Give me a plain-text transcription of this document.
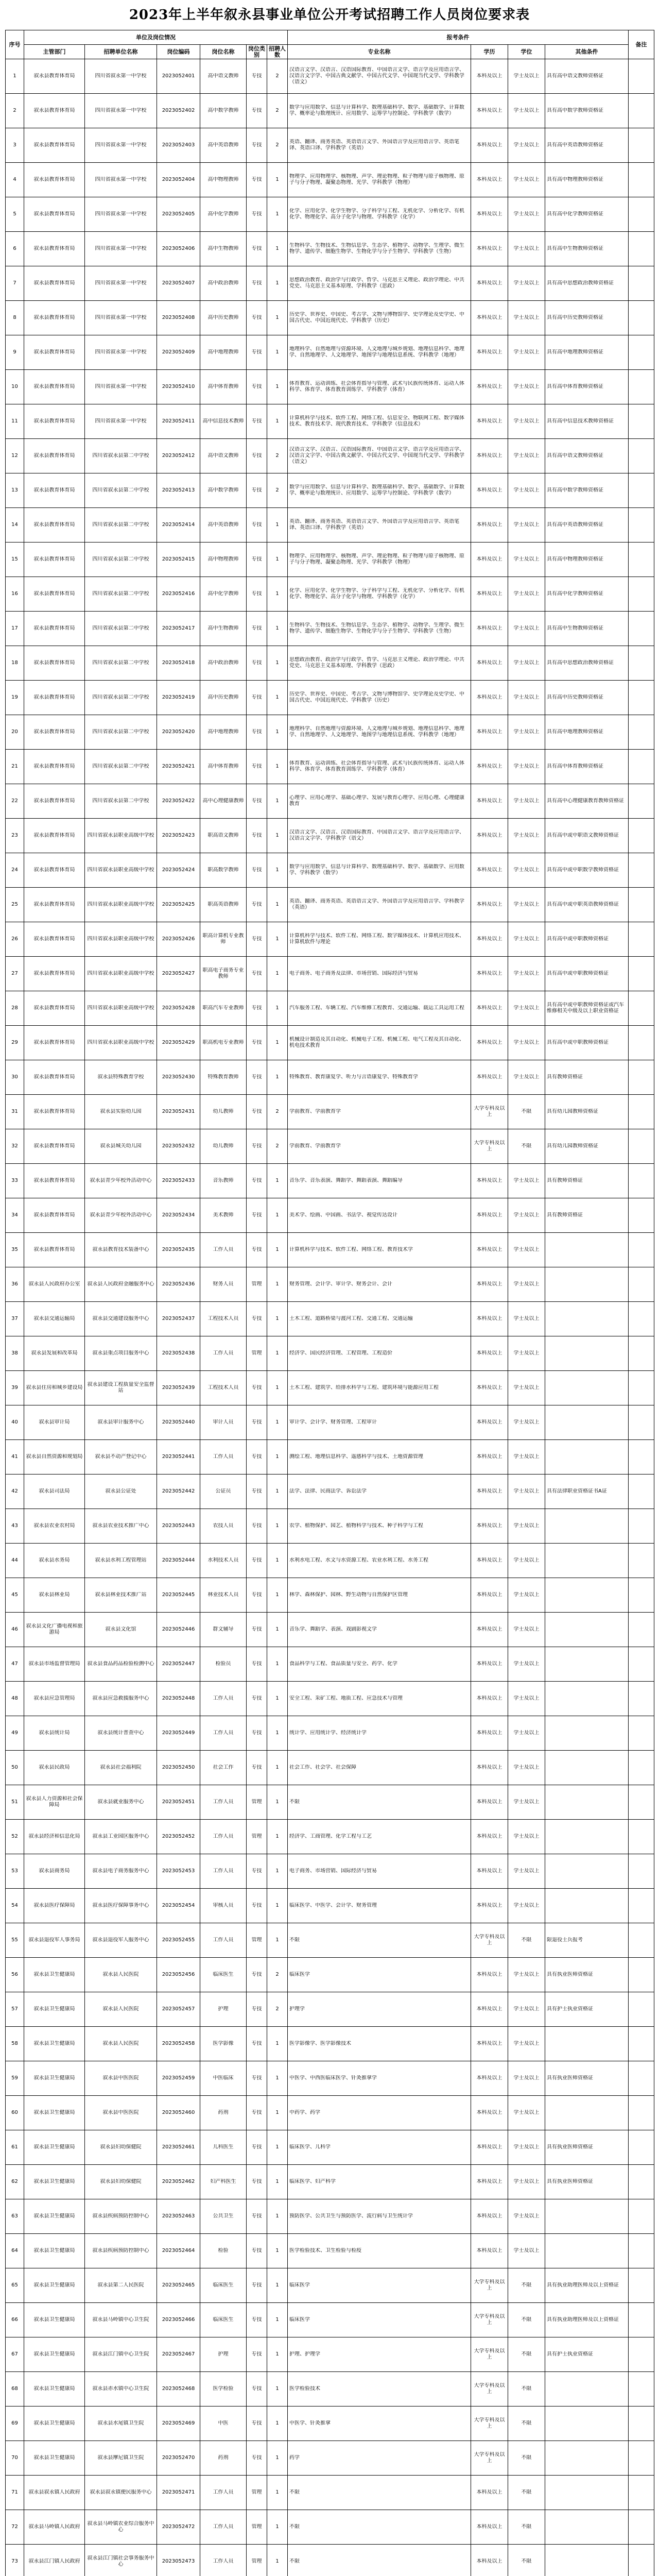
2023年上半年叙永县事业单位公开考试招聘工作人员岗位要求表
序号	单位及岗位情况						报考条件				备注
	主管部门	招聘单位名称	岗位编码	岗位名称	岗位类别	招聘人数	专业名称	学历	学位	其他条件	

1	叙永县教育体育局	四川省叙永第一中学校	2023052401	高中语文教师	专技	2	汉语言文学、汉语言、汉语国际教育、中国语言文学、语言学及应用语言学、汉语言文字学、中国古典文献学、中国古代文学、中国现当代文学、学科教学（语文）	本科及以上	学士及以上	具有高中语文教师资格证	

2	叙永县教育体育局	四川省叙永第一中学校	2023052402	高中数学教师	专技	2	数学与应用数学、信息与计算科学、数理基础科学、数学、基础数学、计算数学、概率论与数理统计、应用数学、运筹学与控制论、学科教学（数学）	本科及以上	学士及以上	具有高中数学教师资格证	

3	叙永县教育体育局	四川省叙永第一中学校	2023052403	高中英语教师	专技	2	英语、翻译、商务英语、英语语言文学、外国语言学及应用语言学、英语笔译、英语口译、学科教学（英语）	本科及以上	学士及以上	具有高中英语教师资格证	

4	叙永县教育体育局	四川省叙永第一中学校	2023052404	高中物理教师	专技	1	物理学、应用物理学、核物理、声学、理论物理、粒子物理与原子核物理、原子与分子物理、凝聚态物理、光学、学科教学（物理）	本科及以上	学士及以上	具有高中物理教师资格证	

5	叙永县教育体育局	四川省叙永第一中学校	2023052405	高中化学教师	专技	1	化学、应用化学、化学生物学、分子科学与工程、无机化学、分析化学、有机化学、物理化学、高分子化学与物理、学科教学（化学）	本科及以上	学士及以上	具有高中化学教师资格证	

6	叙永县教育体育局	四川省叙永第一中学校	2023052406	高中生物教师	专技	1	生物科学、生物技术、生物信息学、生态学、植物学、动物学、生理学、微生物学、遗传学、细胞生物学、生物化学与分子生物学、学科教学（生物）	本科及以上	学士及以上	具有高中生物教师资格证	

7	叙永县教育体育局	四川省叙永第一中学校	2023052407	高中政治教师	专技	1	思想政治教育、政治学与行政学、哲学、马克思主义理论、政治学理论、中共党史、马克思主义基本原理、学科教学（思政）	本科及以上	学士及以上	具有高中思想政治教师资格证	

8	叙永县教育体育局	四川省叙永第一中学校	2023052408	高中历史教师	专技	1	历史学、世界史、中国史、考古学、文物与博物馆学、史学理论及史学史、中国古代史、中国近现代史、学科教学（历史）	本科及以上	学士及以上	具有高中历史教师资格证	

9	叙永县教育体育局	四川省叙永第一中学校	2023052409	高中地理教师	专技	1	地理科学、自然地理与资源环境、人文地理与城乡规划、地理信息科学、地理学、自然地理学、人文地理学、地图学与地理信息系统、学科教学（地理）	本科及以上	学士及以上	具有高中地理教师资格证	

10	叙永县教育体育局	四川省叙永第一中学校	2023052410	高中体育教师	专技	1	体育教育、运动训练、社会体育指导与管理、武术与民族传统体育、运动人体科学、体育学、体育教育训练学、学科教学（体育）	本科及以上	学士及以上	具有高中体育教师资格证	

11	叙永县教育体育局	四川省叙永第一中学校	2023052411	高中信息技术教师	专技	1	计算机科学与技术、软件工程、网络工程、信息安全、物联网工程、数字媒体技术、教育技术学、现代教育技术、学科教学（信息技术）	本科及以上	学士及以上	具有高中信息技术教师资格证	

12	叙永县教育体育局	四川省叙永县第二中学校	2023052412	高中语文教师	专技	2	汉语言文学、汉语言、汉语国际教育、中国语言文学、语言学及应用语言学、汉语言文字学、中国古典文献学、中国古代文学、中国现当代文学、学科教学（语文）	本科及以上	学士及以上	具有高中语文教师资格证	

13	叙永县教育体育局	四川省叙永县第二中学校	2023052413	高中数学教师	专技	2	数学与应用数学、信息与计算科学、数理基础科学、数学、基础数学、计算数学、概率论与数理统计、应用数学、运筹学与控制论、学科教学（数学）	本科及以上	学士及以上	具有高中数学教师资格证	

14	叙永县教育体育局	四川省叙永县第二中学校	2023052414	高中英语教师	专技	1	英语、翻译、商务英语、英语语言文学、外国语言学及应用语言学、英语笔译、英语口译、学科教学（英语）	本科及以上	学士及以上	具有高中英语教师资格证	

15	叙永县教育体育局	四川省叙永县第二中学校	2023052415	高中物理教师	专技	1	物理学、应用物理学、核物理、声学、理论物理、粒子物理与原子核物理、原子与分子物理、凝聚态物理、光学、学科教学（物理）	本科及以上	学士及以上	具有高中物理教师资格证	

16	叙永县教育体育局	四川省叙永县第二中学校	2023052416	高中化学教师	专技	1	化学、应用化学、化学生物学、分子科学与工程、无机化学、分析化学、有机化学、物理化学、高分子化学与物理、学科教学（化学）	本科及以上	学士及以上	具有高中化学教师资格证	

17	叙永县教育体育局	四川省叙永县第二中学校	2023052417	高中生物教师	专技	1	生物科学、生物技术、生物信息学、生态学、植物学、动物学、生理学、微生物学、遗传学、细胞生物学、生物化学与分子生物学、学科教学（生物）	本科及以上	学士及以上	具有高中生物教师资格证	

18	叙永县教育体育局	四川省叙永县第二中学校	2023052418	高中政治教师	专技	1	思想政治教育、政治学与行政学、哲学、马克思主义理论、政治学理论、中共党史、马克思主义基本原理、学科教学（思政）	本科及以上	学士及以上	具有高中思想政治教师资格证	

19	叙永县教育体育局	四川省叙永县第二中学校	2023052419	高中历史教师	专技	1	历史学、世界史、中国史、考古学、文物与博物馆学、史学理论及史学史、中国古代史、中国近现代史、学科教学（历史）	本科及以上	学士及以上	具有高中历史教师资格证	

20	叙永县教育体育局	四川省叙永县第二中学校	2023052420	高中地理教师	专技	1	地理科学、自然地理与资源环境、人文地理与城乡规划、地理信息科学、地理学、自然地理学、人文地理学、地图学与地理信息系统、学科教学（地理）	本科及以上	学士及以上	具有高中地理教师资格证	

21	叙永县教育体育局	四川省叙永县第二中学校	2023052421	高中体育教师	专技	1	体育教育、运动训练、社会体育指导与管理、武术与民族传统体育、运动人体科学、体育学、体育教育训练学、学科教学（体育）	本科及以上	学士及以上	具有高中体育教师资格证	

22	叙永县教育体育局	四川省叙永县第二中学校	2023052422	高中心理健康教师	专技	1	心理学、应用心理学、基础心理学、发展与教育心理学、应用心理、心理健康教育	本科及以上	学士及以上	具有高中心理健康教育教师资格证	

23	叙永县教育体育局	四川省叙永县职业高级中学校	2023052423	职高语文教师	专技	1	汉语言文学、汉语言、汉语国际教育、中国语言文学、语言学及应用语言学、汉语言文字学、学科教学（语文）	本科及以上	学士及以上	具有高中或中职语文教师资格证	

24	叙永县教育体育局	四川省叙永县职业高级中学校	2023052424	职高数学教师	专技	1	数学与应用数学、信息与计算科学、数理基础科学、数学、基础数学、应用数学、学科教学（数学）	本科及以上	学士及以上	具有高中或中职数学教师资格证	

25	叙永县教育体育局	四川省叙永县职业高级中学校	2023052425	职高英语教师	专技	1	英语、翻译、商务英语、英语语言文学、外国语言学及应用语言学、学科教学（英语）	本科及以上	学士及以上	具有高中或中职英语教师资格证	

26	叙永县教育体育局	四川省叙永县职业高级中学校	2023052426	职高计算机专业教师	专技	1	计算机科学与技术、软件工程、网络工程、数字媒体技术、计算机应用技术、计算机软件与理论	本科及以上	学士及以上	具有高中或中职教师资格证	

27	叙永县教育体育局	四川省叙永县职业高级中学校	2023052427	职高电子商务专业教师	专技	1	电子商务、电子商务及法律、市场营销、国际经济与贸易	本科及以上	学士及以上	具有高中或中职教师资格证	

28	叙永县教育体育局	四川省叙永县职业高级中学校	2023052428	职高汽车专业教师	专技	1	汽车服务工程、车辆工程、汽车维修工程教育、交通运输、载运工具运用工程	本科及以上	学士及以上	具有高中或中职教师资格证或汽车维修相关中级及以上职业资格证	

29	叙永县教育体育局	四川省叙永县职业高级中学校	2023052429	职高机电专业教师	专技	1	机械设计制造及其自动化、机械电子工程、机械工程、电气工程及其自动化、机电技术教育	本科及以上	学士及以上	具有高中或中职教师资格证	

30	叙永县教育体育局	叙永县特殊教育学校	2023052430	特殊教育教师	专技	1	特殊教育、教育康复学、听力与言语康复学、特殊教育学	本科及以上	学士及以上	具有教师资格证	

31	叙永县教育体育局	叙永县实验幼儿园	2023052431	幼儿教师	专技	2	学前教育、学前教育学	大学专科及以上	不限	具有幼儿园教师资格证	

32	叙永县教育体育局	叙永县城关幼儿园	2023052432	幼儿教师	专技	2	学前教育、学前教育学	大学专科及以上	不限	具有幼儿园教师资格证	

33	叙永县教育体育局	叙永县青少年校外活动中心	2023052433	音乐教师	专技	1	音乐学、音乐表演、舞蹈学、舞蹈表演、舞蹈编导	本科及以上	学士及以上	具有教师资格证	

34	叙永县教育体育局	叙永县青少年校外活动中心	2023052434	美术教师	专技	1	美术学、绘画、中国画、书法学、视觉传达设计	本科及以上	学士及以上	具有教师资格证	

35	叙永县教育体育局	叙永县教育技术装备中心	2023052435	工作人员	专技	1	计算机科学与技术、软件工程、网络工程、教育技术学	本科及以上	学士及以上		

36	叙永县人民政府办公室	叙永县人民政府金融服务中心	2023052436	财务人员	管理	1	财务管理、会计学、审计学、财务会计、会计	本科及以上	学士及以上		

37	叙永县交通运输局	叙永县交通建设服务中心	2023052437	工程技术人员	专技	1	土木工程、道路桥梁与渡河工程、交通工程、交通运输	本科及以上	学士及以上		

38	叙永县发展和改革局	叙永县重点项目服务中心	2023052438	工作人员	管理	1	经济学、国民经济管理、工程管理、工程造价	本科及以上	学士及以上		

39	叙永县住房和城乡建设局	叙永县建设工程质量安全监督站	2023052439	工程技术人员	专技	1	土木工程、建筑学、给排水科学与工程、建筑环境与能源应用工程	本科及以上	学士及以上		

40	叙永县审计局	叙永县审计服务中心	2023052440	审计人员	专技	1	审计学、会计学、财务管理、工程审计	本科及以上	学士及以上		

41	叙永县自然资源和规划局	叙永县不动产登记中心	2023052441	工作人员	专技	1	测绘工程、地理信息科学、遥感科学与技术、土地资源管理	本科及以上	学士及以上		

42	叙永县司法局	叙永县公证处	2023052442	公证员	专技	1	法学、法律、民商法学、诉讼法学	本科及以上	学士及以上	具有法律职业资格证书A证	

43	叙永县农业农村局	叙永县农业技术推广中心	2023052443	农技人员	专技	1	农学、植物保护、园艺、植物科学与技术、种子科学与工程	本科及以上	学士及以上		

44	叙永县水务局	叙永县水利工程管理站	2023052444	水利技术人员	专技	1	水利水电工程、水文与水资源工程、农业水利工程、水务工程	本科及以上	学士及以上		

45	叙永县林业局	叙永县林业技术推广站	2023052445	林业技术人员	专技	1	林学、森林保护、园林、野生动物与自然保护区管理	本科及以上	学士及以上		

46	叙永县文化广播电视和旅游局	叙永县文化馆	2023052446	群文辅导	专技	1	音乐学、舞蹈学、表演、戏剧影视文学	本科及以上	学士及以上		

47	叙永县市场监督管理局	叙永县食品药品检验检测中心	2023052447	检验员	专技	1	食品科学与工程、食品质量与安全、药学、化学	本科及以上	学士及以上		

48	叙永县应急管理局	叙永县应急救援服务中心	2023052448	工作人员	专技	1	安全工程、采矿工程、地质工程、应急技术与管理	本科及以上	学士及以上		

49	叙永县统计局	叙永县统计普查中心	2023052449	工作人员	专技	1	统计学、应用统计学、经济统计学	本科及以上	学士及以上		

50	叙永县民政局	叙永县社会福利院	2023052450	社会工作	专技	1	社会工作、社会学、社会保障	本科及以上	学士及以上		

51	叙永县人力资源和社会保障局	叙永县就业服务中心	2023052451	工作人员	管理	1	不限	本科及以上	学士及以上		

52	叙永县经济和信息化局	叙永县工业园区服务中心	2023052452	工作人员	管理	1	经济学、工商管理、化学工程与工艺	本科及以上	学士及以上		

53	叙永县商务局	叙永县电子商务服务中心	2023052453	工作人员	专技	1	电子商务、市场营销、国际经济与贸易	本科及以上	学士及以上		

54	叙永县医疗保障局	叙永县医疗保障事务中心	2023052454	审核人员	专技	1	临床医学、中医学、会计学、财务管理	本科及以上	学士及以上		

55	叙永县退役军人事务局	叙永县退役军人服务中心	2023052455	工作人员	管理	1	不限	大学专科及以上	不限	限退役士兵报考	

56	叙永县卫生健康局	叙永县人民医院	2023052456	临床医生	专技	2	临床医学	本科及以上	学士及以上	具有执业医师资格证	

57	叙永县卫生健康局	叙永县人民医院	2023052457	护理	专技	2	护理学	本科及以上	学士及以上	具有护士执业资格证	

58	叙永县卫生健康局	叙永县人民医院	2023052458	医学影像	专技	1	医学影像学、医学影像技术	本科及以上	学士及以上		

59	叙永县卫生健康局	叙永县中医医院	2023052459	中医临床	专技	1	中医学、中西医临床医学、针灸推拿学	本科及以上	学士及以上	具有执业医师资格证	

60	叙永县卫生健康局	叙永县中医医院	2023052460	药剂	专技	1	中药学、药学	本科及以上	学士及以上		

61	叙永县卫生健康局	叙永县妇幼保健院	2023052461	儿科医生	专技	1	临床医学、儿科学	本科及以上	学士及以上	具有执业医师资格证	

62	叙永县卫生健康局	叙永县妇幼保健院	2023052462	妇产科医生	专技	1	临床医学、妇产科学	本科及以上	学士及以上	具有执业医师资格证	

63	叙永县卫生健康局	叙永县疾病预防控制中心	2023052463	公共卫生	专技	1	预防医学、公共卫生与预防医学、流行病与卫生统计学	本科及以上	学士及以上		

64	叙永县卫生健康局	叙永县疾病预防控制中心	2023052464	检验	专技	1	医学检验技术、卫生检验与检疫	本科及以上	学士及以上		

65	叙永县卫生健康局	叙永县第二人民医院	2023052465	临床医生	专技	1	临床医学	大学专科及以上	不限	具有执业助理医师及以上资格证	

66	叙永县卫生健康局	叙永县马岭镇中心卫生院	2023052466	临床医生	专技	1	临床医学	大学专科及以上	不限	具有执业助理医师及以上资格证	

67	叙永县卫生健康局	叙永县江门镇中心卫生院	2023052467	护理	专技	1	护理、护理学	大学专科及以上	不限	具有护士执业资格证	

68	叙永县卫生健康局	叙永县赤水镇中心卫生院	2023052468	医学检验	专技	1	医学检验技术	大学专科及以上	不限		

69	叙永县卫生健康局	叙永县水尾镇卫生院	2023052469	中医	专技	1	中医学、针灸推拿	大学专科及以上	不限		

70	叙永县卫生健康局	叙永县摩尼镇卫生院	2023052470	药剂	专技	1	药学	大学专科及以上	不限		

71	叙永县叙永镇人民政府	叙永县叙永镇便民服务中心	2023052471	工作人员	管理	1	不限	本科及以上	不限		

72	叙永县马岭镇人民政府	叙永县马岭镇农业综合服务中心	2023052472	工作人员	管理	1	不限	本科及以上	不限		

73	叙永县江门镇人民政府	叙永县江门镇社会事务服务中心	2023052473	工作人员	管理	1	不限	本科及以上	不限		
